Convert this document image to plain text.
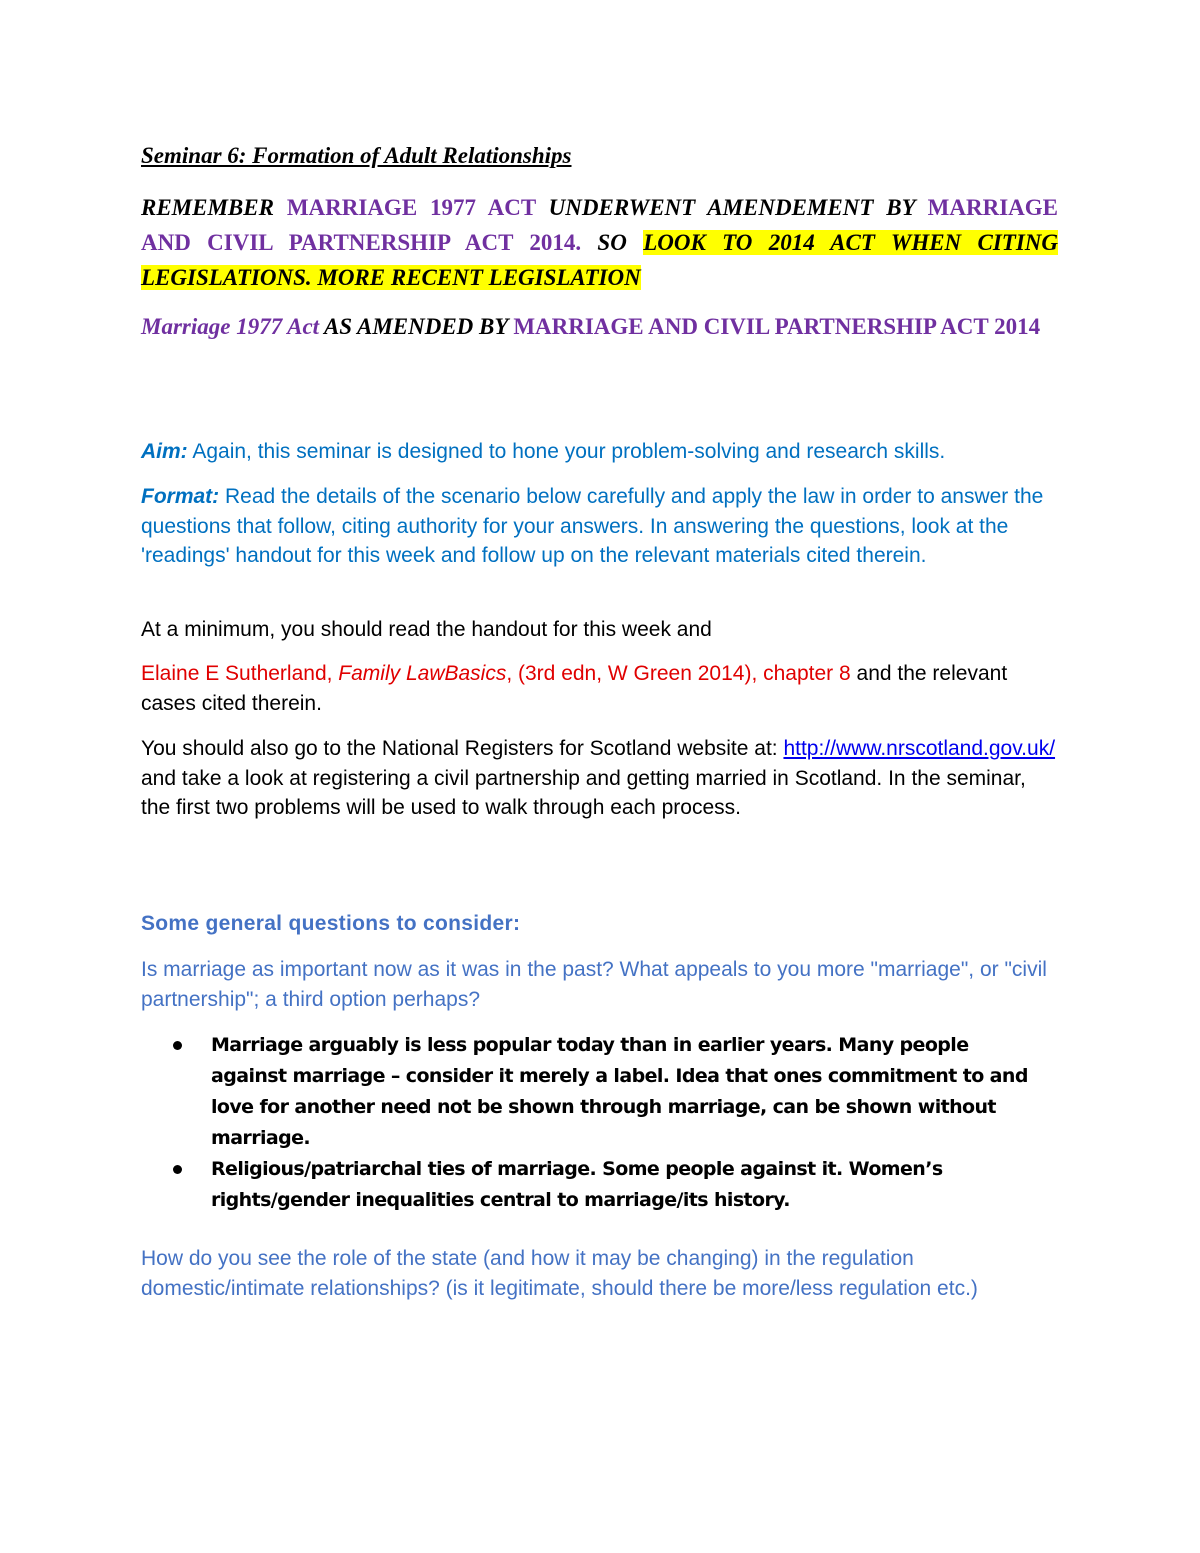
Seminar 6: Formation of Adult Relationships
REMEMBER MARRIAGE 1977 ACT UNDERWENT AMENDEMENT BY MARRIAGE AND CIVIL PARTNERSHIP ACT 2014. SO LOOK TO 2014 ACT WHEN CITING LEGISLATIONS. MORE RECENT LEGISLATION
Marriage 1977 Act AS AMENDED BY MARRIAGE AND CIVIL PARTNERSHIP ACT 2014
Aim: Again, this seminar is designed to hone your problem-solving and research skills.
Format: Read the details of the scenario below carefully and apply the law in order to answer the questions that follow, citing authority for your answers. In answering the questions, look at the 'readings' handout for this week and follow up on the relevant materials cited therein.
At a minimum, you should read the handout for this week and
Elaine E Sutherland, Family LawBasics, (3rd edn, W Green 2014), chapter 8 and the relevant cases cited therein.
You should also go to the National Registers for Scotland website at: http://www.nrscotland.gov.uk/ and take a look at registering a civil partnership and getting married in Scotland. In the seminar, the first two problems will be used to walk through each process.
Some general questions to consider:
Is marriage as important now as it was in the past? What appeals to you more "marriage", or "civil partnership"; a third option perhaps?
Marriage arguably is less popular today than in earlier years. Many people against marriage – consider it merely a label. Idea that ones commitment to and love for another need not be shown through marriage, can be shown without marriage.
Religious/patriarchal ties of marriage. Some people against it. Women’s rights/gender inequalities central to marriage/its history.
How do you see the role of the state (and how it may be changing) in the regulation domestic/intimate relationships? (is it legitimate, should there be more/less regulation etc.)
